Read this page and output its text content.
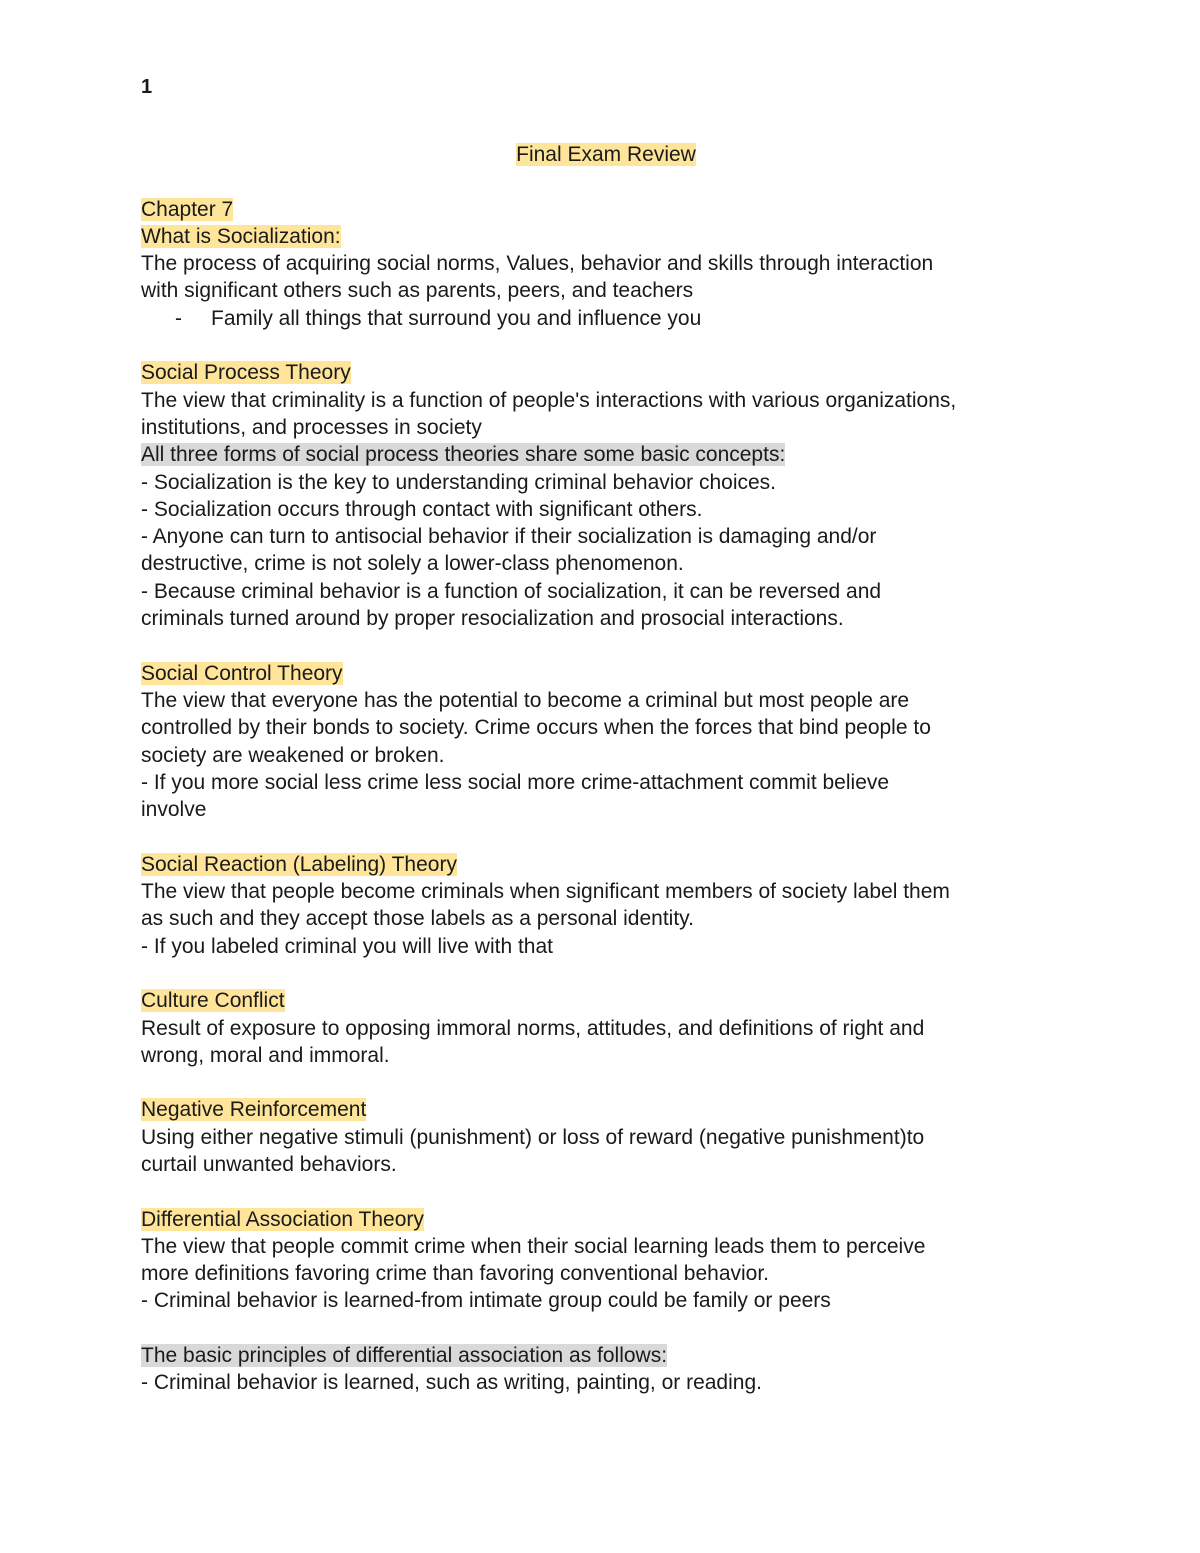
1

Final Exam Review

Chapter 7

What is Socialization:

The process of acquiring social norms, Values, behavior and skills through interaction

with significant others such as parents, peers, and teachers

- Family all things that surround you and influence you

Social Process Theory

The view that criminality is a function of people's interactions with various organizations,

institutions, and processes in society

All three forms of social process theories share some basic concepts:

- Socialization is the key to understanding criminal behavior choices.

- Socialization occurs through contact with significant others.

- Anyone can turn to antisocial behavior if their socialization is damaging and/or

destructive, crime is not solely a lower-class phenomenon.

- Because criminal behavior is a function of socialization, it can be reversed and

criminals turned around by proper resocialization and prosocial interactions.

Social Control Theory

The view that everyone has the potential to become a criminal but most people are

controlled by their bonds to society. Crime occurs when the forces that bind people to

society are weakened or broken.

- If you more social less crime less social more crime-attachment commit believe

involve

Social Reaction (Labeling) Theory

The view that people become criminals when significant members of society label them

as such and they accept those labels as a personal identity.

- If you labeled criminal you will live with that

Culture Conflict

Result of exposure to opposing immoral norms, attitudes, and definitions of right and

wrong, moral and immoral.

Negative Reinforcement

Using either negative stimuli (punishment) or loss of reward (negative punishment)to

curtail unwanted behaviors.

Differential Association Theory

The view that people commit crime when their social learning leads them to perceive

more definitions favoring crime than favoring conventional behavior.

- Criminal behavior is learned-from intimate group could be family or peers

The basic principles of differential association as follows:

- Criminal behavior is learned, such as writing, painting, or reading.
